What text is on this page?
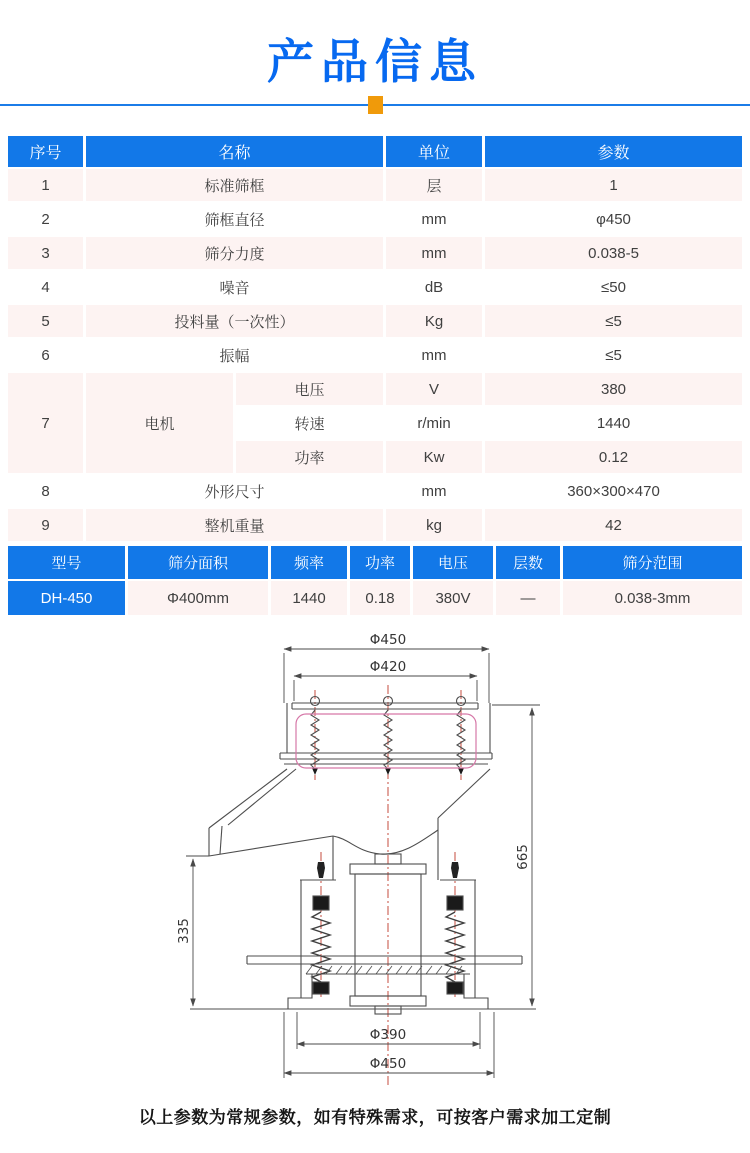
产品信息
序号	名称		单位	参数
1	标准筛框		层	1
2	筛框直径		mm	φ450
3	筛分力度		mm	0.038-5
4	噪音		dB	≤50
5	投料量（一次性）		Kg	≤5
6	振幅		mm	≤5
7	电机	电压	V	380
		转速	r/min	1440
		功率	Kw	0.12
8	外形尺寸		mm	360×300×470
9	整机重量		kg	42
型号	筛分面积	频率	功率	电压	层数	筛分范围
DH-450	Φ400mm	1440	0.18	380V	—	0.038-3mm
Φ450
Φ420
665
335
Φ390
Φ450
以上参数为常规参数，如有特殊需求，可按客户需求加工定制
